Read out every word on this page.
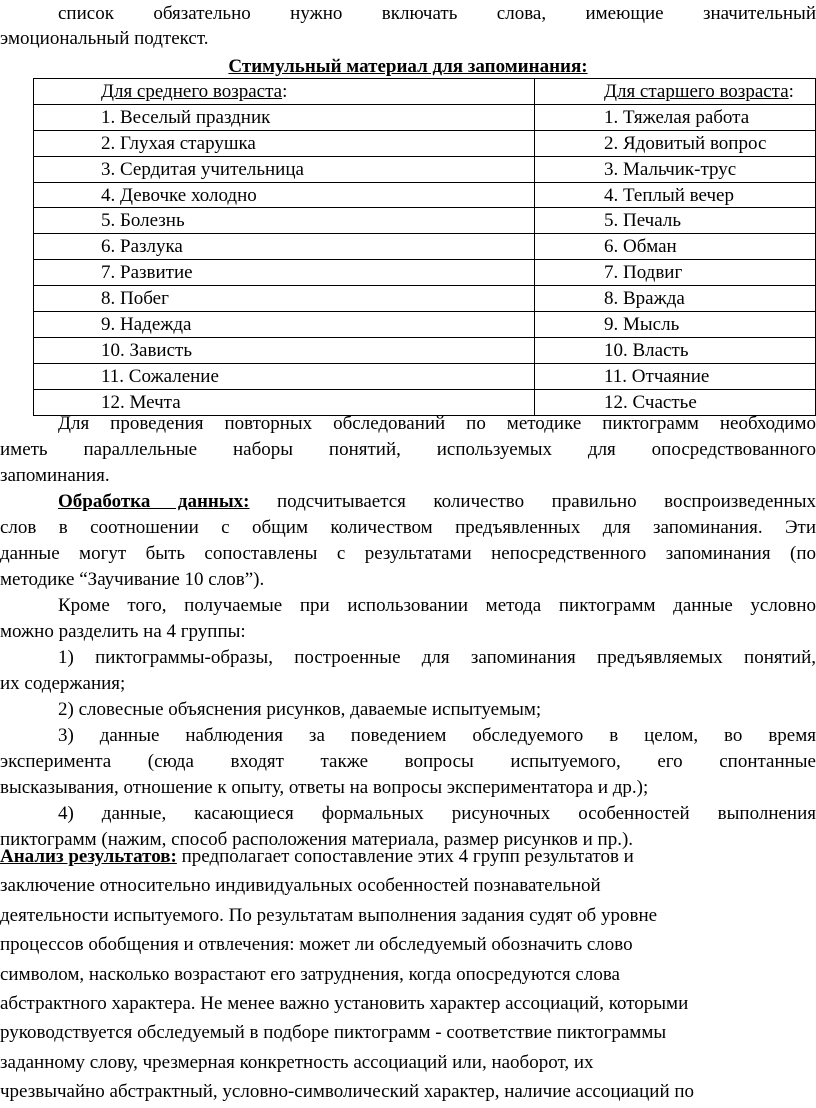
список обязательно нужно включать слова, имеющие значительный

эмоциональный подтекст.

Стимульный материал для запоминания:
Для среднего возраста:	Для старшего возраста:
1. Веселый праздник	1. Тяжелая работа
2. Глухая старушка	2. Ядовитый вопрос
3. Сердитая учительница	3. Мальчик-трус
4. Девочке холодно	4. Теплый вечер
5. Болезнь	5. Печаль
6. Разлука	6. Обман
7. Развитие	7. Подвиг
8. Побег	8. Вражда
9. Надежда	9. Мысль
10. Зависть	10. Власть
11. Сожаление	11. Отчаяние
12. Мечта	12. Счастье

Для проведения повторных обследований по методике пиктограмм необходимо

иметь параллельные наборы понятий, используемых для опосредствованного

запоминания.

Обработка данных: подсчитывается количество правильно воспроизведенных

слов в соотношении с общим количеством предъявленных для запоминания. Эти

данные могут быть сопоставлены с результатами непосредственного запоминания (по

методике “Заучивание 10 слов”).

Кроме того, получаемые при использовании метода пиктограмм данные условно

можно разделить на 4 группы:

1) пиктограммы-образы, построенные для запоминания предъявляемых понятий,

их содержания;

2) словесные объяснения рисунков, даваемые испытуемым;

3) данные наблюдения за поведением обследуемого в целом, во время

эксперимента (сюда входят также вопросы испытуемого, его спонтанные

высказывания, отношение к опыту, ответы на вопросы экспериментатора и др.);

4) данные, касающиеся формальных рисуночных особенностей выполнения

пиктограмм (нажим, способ расположения материала, размер рисунков и пр.).

Анализ результатов: предполагает сопоставление этих 4 групп результатов и

заключение относительно индивидуальных особенностей познавательной

деятельности испытуемого. По результатам выполнения задания судят об уровне

процессов обобщения и отвлечения: может ли обследуемый обозначить слово

символом, насколько возрастают его затруднения, когда опосредуются слова

абстрактного характера. Не менее важно установить характер ассоциаций, которыми

руководствуется обследуемый в подборе пиктограмм - соответствие пиктограммы

заданному слову, чрезмерная конкретность ассоциаций или, наоборот, их

чрезвычайно абстрактный, условно-символический характер, наличие ассоциаций по
